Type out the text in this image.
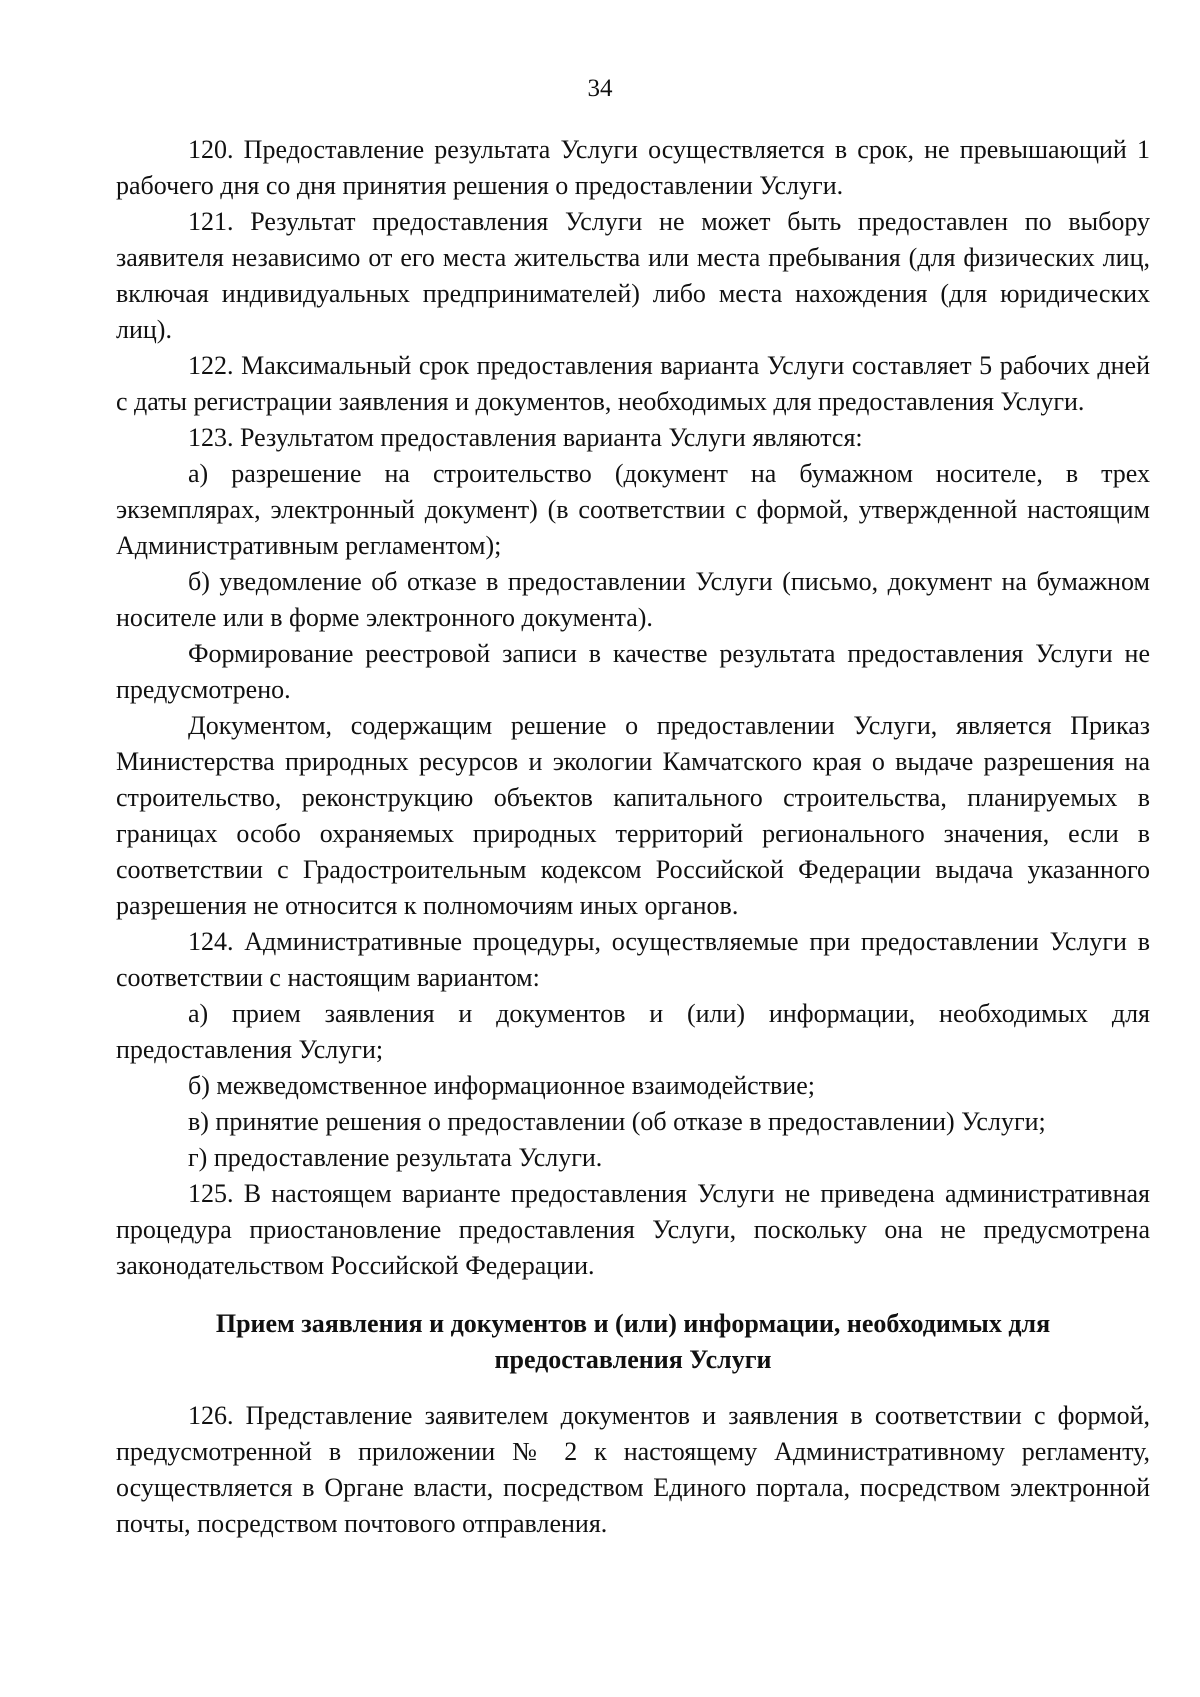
34

120. Предоставление результата Услуги осуществляется в срок, не превышающий 1 рабочего дня со дня принятия решения о предоставлении Услуги.

121. Результат предоставления Услуги не может быть предоставлен по выбору заявителя независимо от его места жительства или места пребывания (для физических лиц, включая индивидуальных предпринимателей) либо места нахождения (для юридических лиц).

122. Максимальный срок предоставления варианта Услуги составляет 5 рабочих дней с даты регистрации заявления и документов, необходимых для предоставления Услуги.

123. Результатом предоставления варианта Услуги являются:

а) разрешение на строительство (документ на бумажном носителе, в трех экземплярах, электронный документ) (в соответствии с формой, утвержденной настоящим Административным регламентом);

б) уведомление об отказе в предоставлении Услуги (письмо, документ на бумажном носителе или в форме электронного документа).

Формирование реестровой записи в качестве результата предоставления Услуги не предусмотрено.

Документом, содержащим решение о предоставлении Услуги, является Приказ Министерства природных ресурсов и экологии Камчатского края о выдаче разрешения на строительство, реконструкцию объектов капитального строительства, планируемых в границах особо охраняемых природных территорий регионального значения, если в соответствии с Градостроительным кодексом Российской Федерации выдача указанного разрешения не относится к полномочиям иных органов.

124. Административные процедуры, осуществляемые при предоставлении Услуги в соответствии с настоящим вариантом:

а) прием заявления и документов и (или) информации, необходимых для предоставления Услуги;

б) межведомственное информационное взаимодействие;

в) принятие решения о предоставлении (об отказе в предоставлении) Услуги;

г) предоставление результата Услуги.

125. В настоящем варианте предоставления Услуги не приведена административная процедура приостановление предоставления Услуги, поскольку она не предусмотрена законодательством Российской Федерации.

Прием заявления и документов и (или) информации, необходимых для
предоставления Услуги

126. Представление заявителем документов и заявления в соответствии с формой, предусмотренной в приложении № 2 к настоящему Административному регламенту, осуществляется в Органе власти, посредством Единого портала, посредством электронной почты, посредством почтового отправления.
